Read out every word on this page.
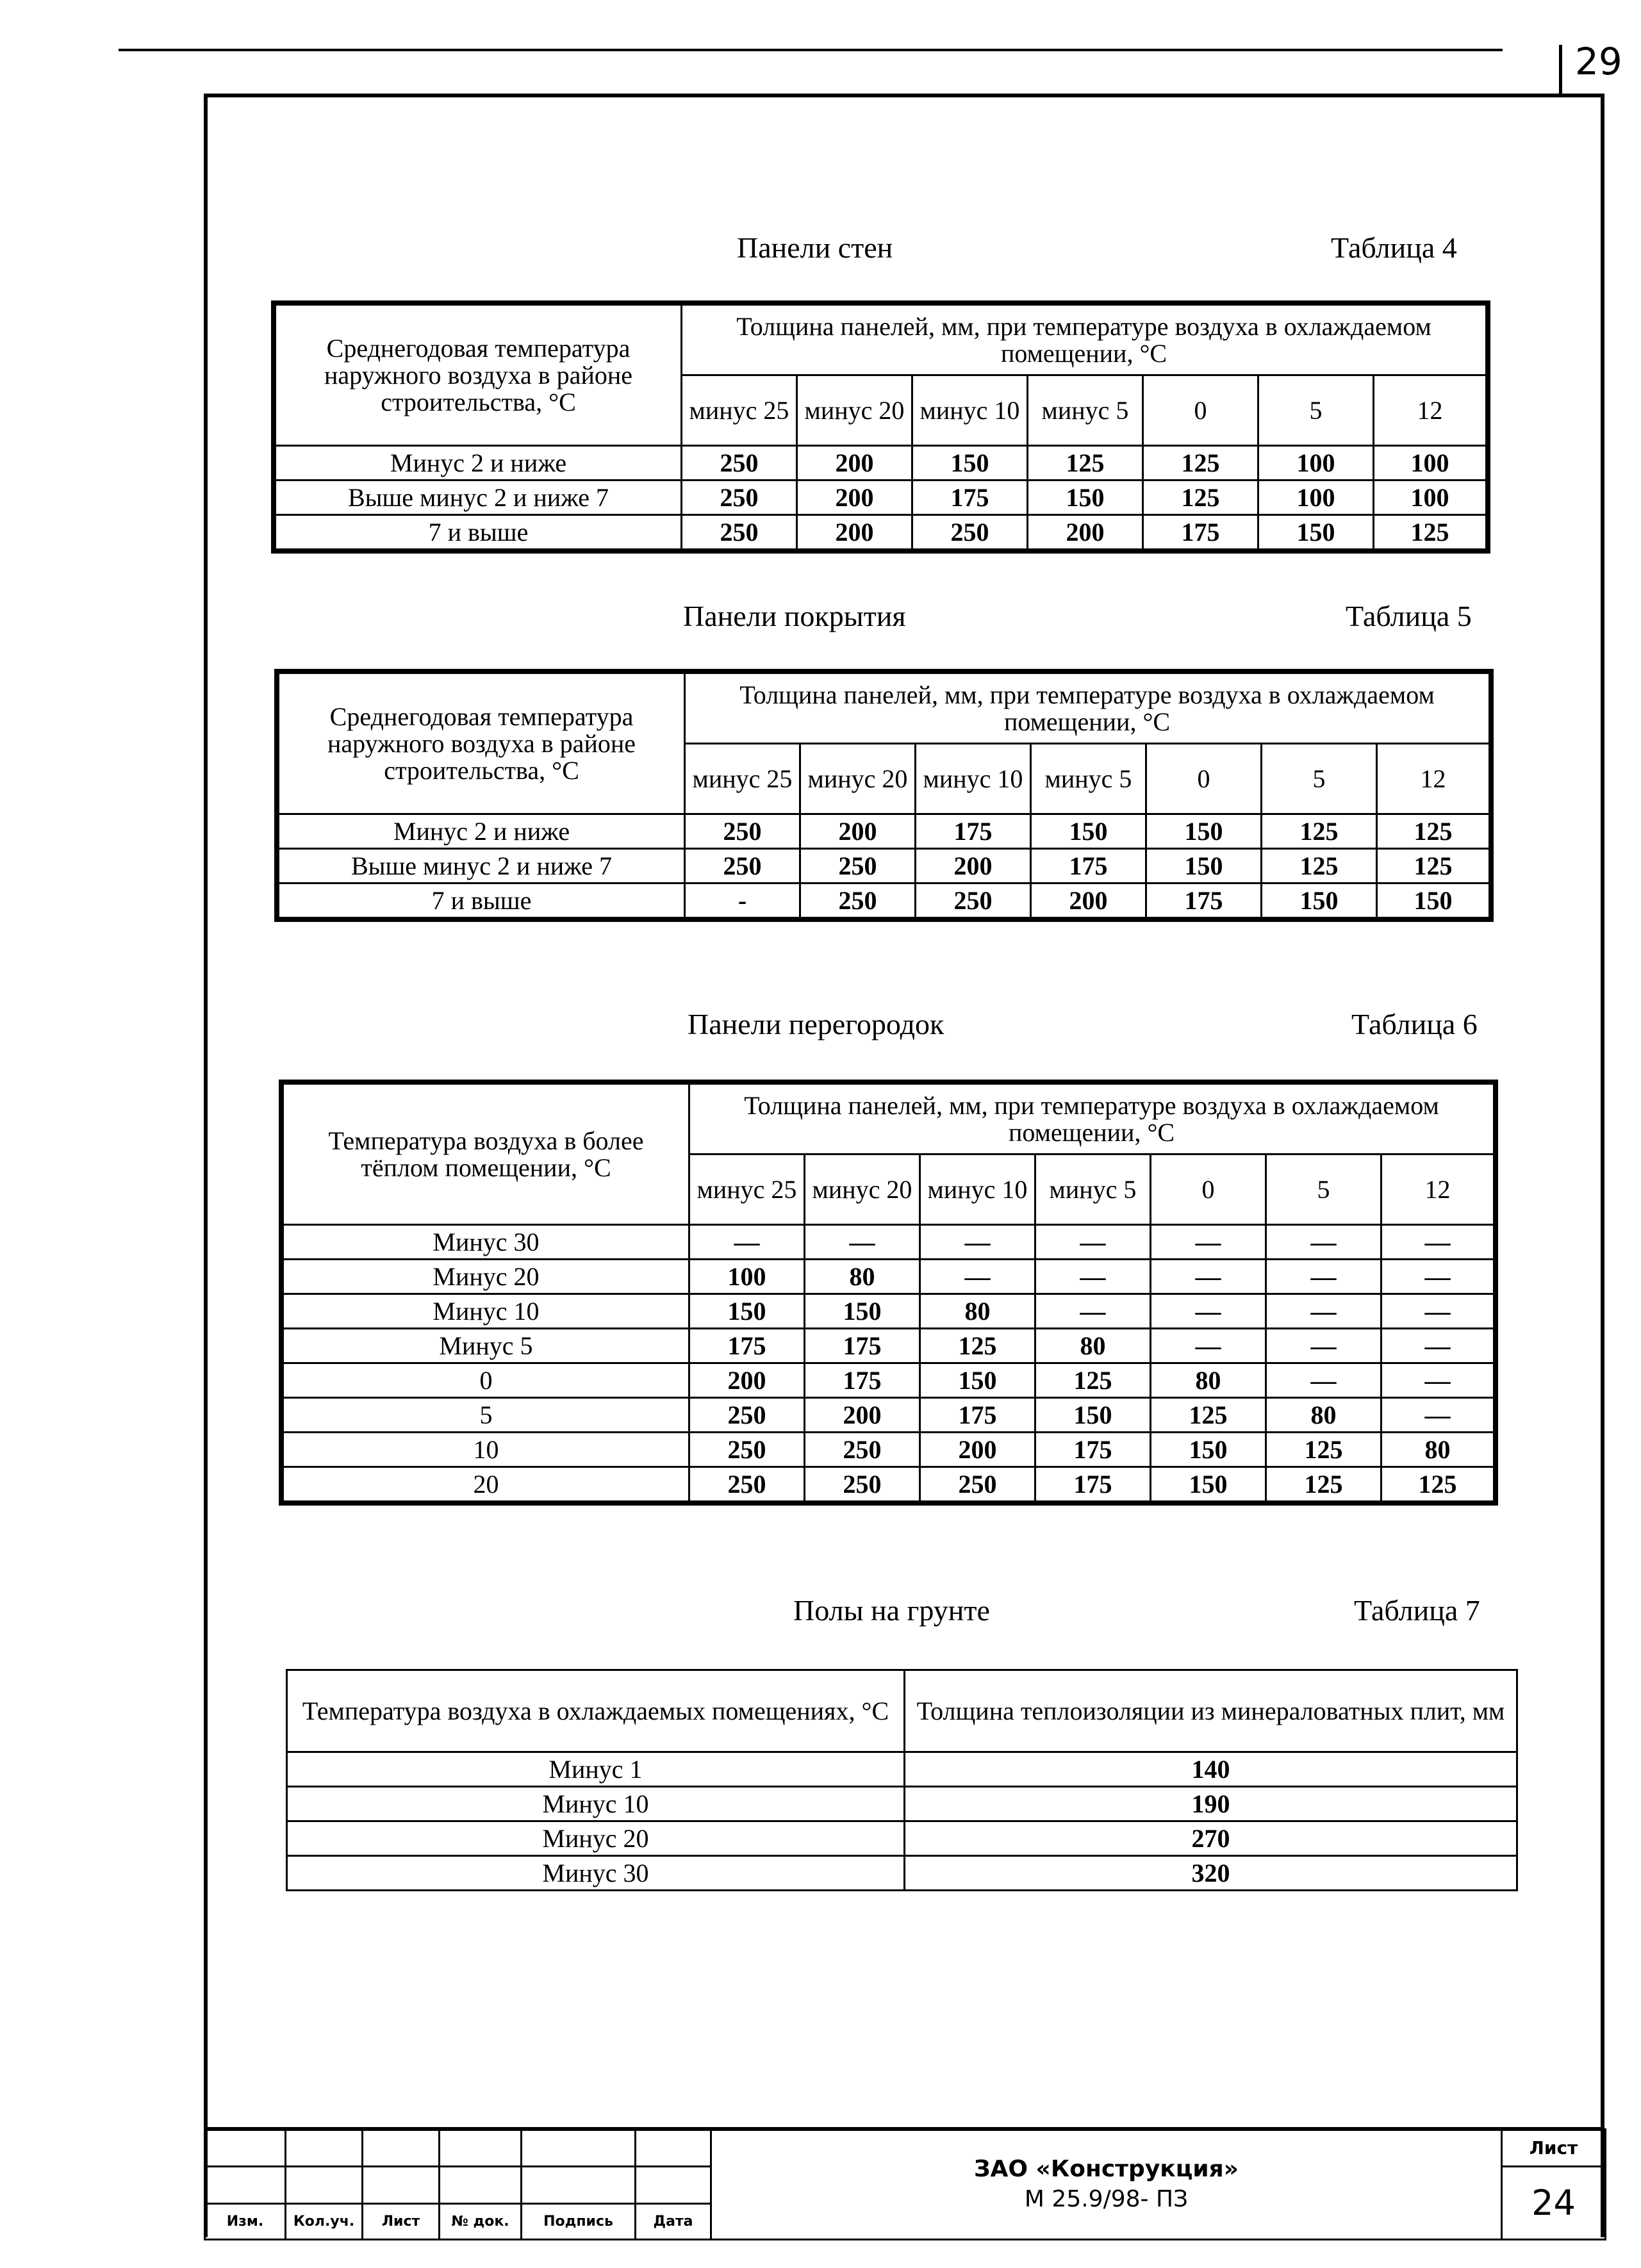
29
Панели стен	Таблица 4
Среднегодовая температура наружного воздуха в районе строительства, °С	Толщина панелей, мм, при температуре воздуха в охлаждаемом помещении, °С						
	минус 25	минус 20	минус 10	минус 5	0	5	12
Минус 2 и ниже	250	200	150	125	125	100	100
Выше минус 2 и ниже 7	250	200	175	150	125	100	100
7 и выше	250	200	250	200	175	150	125
Панели покрытия	Таблица 5
Среднегодовая температура наружного воздуха в районе строительства, °С	Толщина панелей, мм, при температуре воздуха в охлаждаемом помещении, °С						
	минус 25	минус 20	минус 10	минус 5	0	5	12
Минус 2 и ниже	250	200	175	150	150	125	125
Выше минус 2 и ниже 7	250	250	200	175	150	125	125
7 и выше	-	250	250	200	175	150	150
Панели перегородок	Таблица 6
Температура воздуха в более тёплом помещении, °С	Толщина панелей, мм, при температуре воздуха в охлаждаемом помещении, °С						
	минус 25	минус 20	минус 10	минус 5	0	5	12
Минус 30	—	—	—	—	—	—	—
Минус 20	100	80	—	—	—	—	—
Минус 10	150	150	80	—	—	—	—
Минус 5	175	175	125	80	—	—	—
0	200	175	150	125	80	—	—
5	250	200	175	150	125	80	—
10	250	250	200	175	150	125	80
20	250	250	250	175	150	125	125
Полы на грунте	Таблица 7
Температура воздуха в охлаждаемых помещениях, °С	Толщина теплоизоляции из минераловатных плит, мм
Минус 1	140
Минус 10	190
Минус 20	270
Минус 30	320

						ЗАО «Конструкция»
М 25.9/98- ПЗ	Лист
							24
Изм.	Кол.уч.	Лист	№ док.	Подпись	Дата		
